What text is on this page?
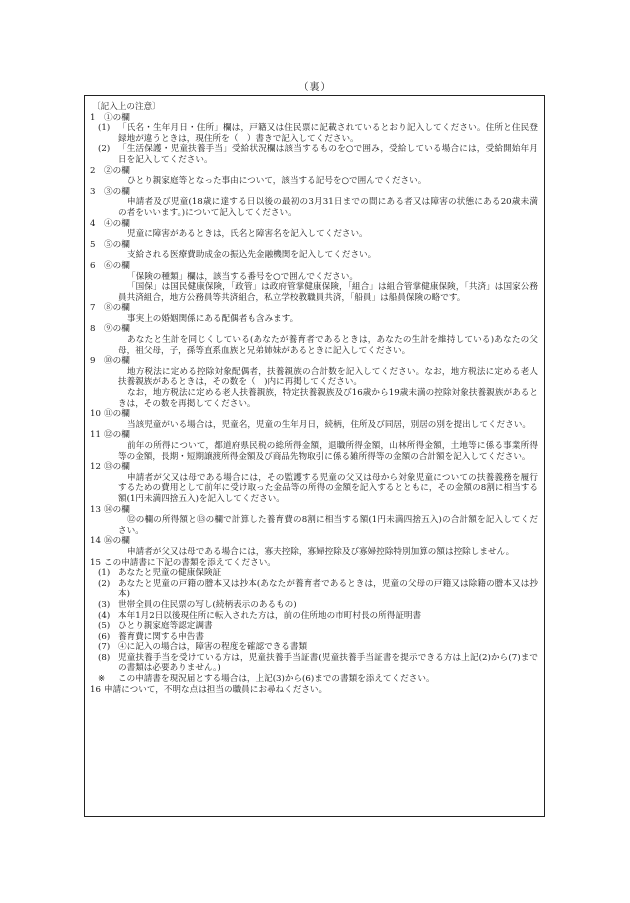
（裏）
〔記入上の注意〕
1 ①の欄
(1) 「氏名・生年月日・住所」欄は，戸籍又は住民票に記載されているとおり記入してください。住所と住民登録地が違うときは，現住所を（　）書きで記入してください。
(2) 「生活保護・児童扶養手当」受給状況欄は該当するものを○で囲み，受給している場合には，受給開始年月日を記入してください。
2 ②の欄
ひとり親家庭等となった事由について，該当する記号を○で囲んでください。
3 ③の欄
申請者及び児童(18歳に達する日以後の最初の3月31日までの間にある者又は障害の状態にある20歳未満の者をいいます。)について記入してください。
4 ④の欄
児童に障害があるときは，氏名と障害名を記入してください。
5 ⑤の欄
支給される医療費助成金の振込先金融機関を記入してください。
6 ⑥の欄
「保険の種類」欄は，該当する番号を○で囲んでください。
「国保」は国民健康保険，「政管」は政府管掌健康保険，「組合」は組合管掌健康保険，「共済」は国家公務員共済組合，地方公務員等共済組合，私立学校教職員共済，「船員」は船員保険の略です。
7 ⑧の欄
事実上の婚姻関係にある配偶者も含みます。
8 ⑨の欄
あなたと生計を同じくしている(あなたが養育者であるときは，あなたの生計を維持している)あなたの父母，祖父母，子，孫等直系血族と兄弟姉妹があるときに記入してください。
9 ⑩の欄
地方税法に定める控除対象配偶者，扶養親族の合計数を記入してください。なお，地方税法に定める老人扶養親族があるときは，その数を（　)内に再掲してください。
なお，地方税法に定める老人扶養親族，特定扶養親族及び16歳から19歳未満の控除対象扶養親族があるときは，その数を再掲してください。
10 ⑪の欄
当該児童がいる場合は，児童名，児童の生年月日，続柄，住所及び同居，別居の別を提出してください。
11 ⑫の欄
前年の所得について，都道府県民税の総所得金額，退職所得金額，山林所得金額，土地等に係る事業所得等の金額，長期・短期譲渡所得金額及び商品先物取引に係る雑所得等の金額の合計額を記入してください。
12 ⑬の欄
申請者が父又は母である場合には，その監護する児童の父又は母から対象児童についての扶養義務を履行するための費用として前年に受け取った金品等の所得の金額を記入するとともに，その金額の8割に相当する額(1円未満四捨五入)を記入してください。
13 ⑭の欄
⑫の欄の所得額と⑬の欄で計算した養育費の8割に相当する額(1円未満四捨五入)の合計額を記入してください。
14 ⑯の欄
申請者が父又は母である場合には，寡夫控除，寡婦控除及び寡婦控除特別加算の額は控除しません。
15 この申請書に下記の書類を添えてください。
(1) あなたと児童の健康保険証
(2) あなたと児童の戸籍の謄本又は抄本(あなたが養育者であるときは，児童の父母の戸籍又は除籍の謄本又は抄本)
(3) 世帯全員の住民票の写し(続柄表示のあるもの)
(4) 本年1月2日以後現住所に転入された方は，前の住所地の市町村長の所得証明書
(5) ひとり親家庭等認定調書
(6) 養育費に関する申告書
(7) ④に記入の場合は，障害の程度を確認できる書類
(8) 児童扶養手当を受けている方は，児童扶養手当証書(児童扶養手当証書を提示できる方は上記(2)から(7)までの書類は必要ありません。)
※	この申請書を現況届とする場合は，上記(3)から(6)までの書類を添えてください。
16 申請について，不明な点は担当の職員にお尋ねください。
